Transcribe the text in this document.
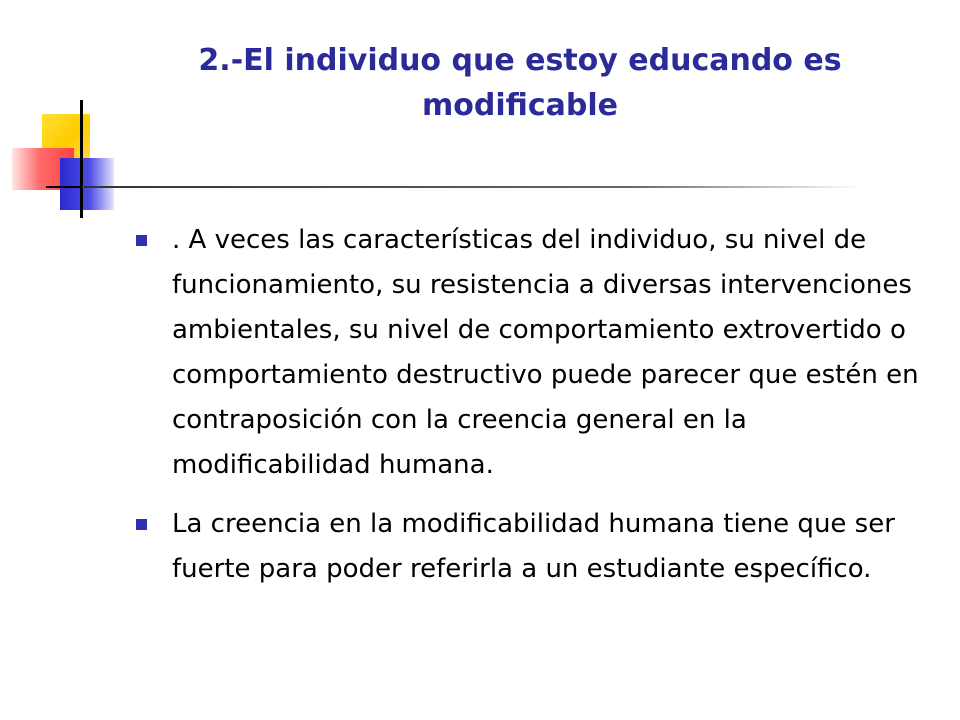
2.-El individuo que estoy educando es modificable
. A veces las características del individuo, su nivel de funcionamiento, su resistencia a diversas intervenciones ambientales, su nivel de comportamiento extrovertido o comportamiento destructivo puede parecer que estén en contraposición con la creencia general en la modificabilidad humana.
La creencia en la modificabilidad humana tiene que ser fuerte para poder referirla a un estudiante específico.
